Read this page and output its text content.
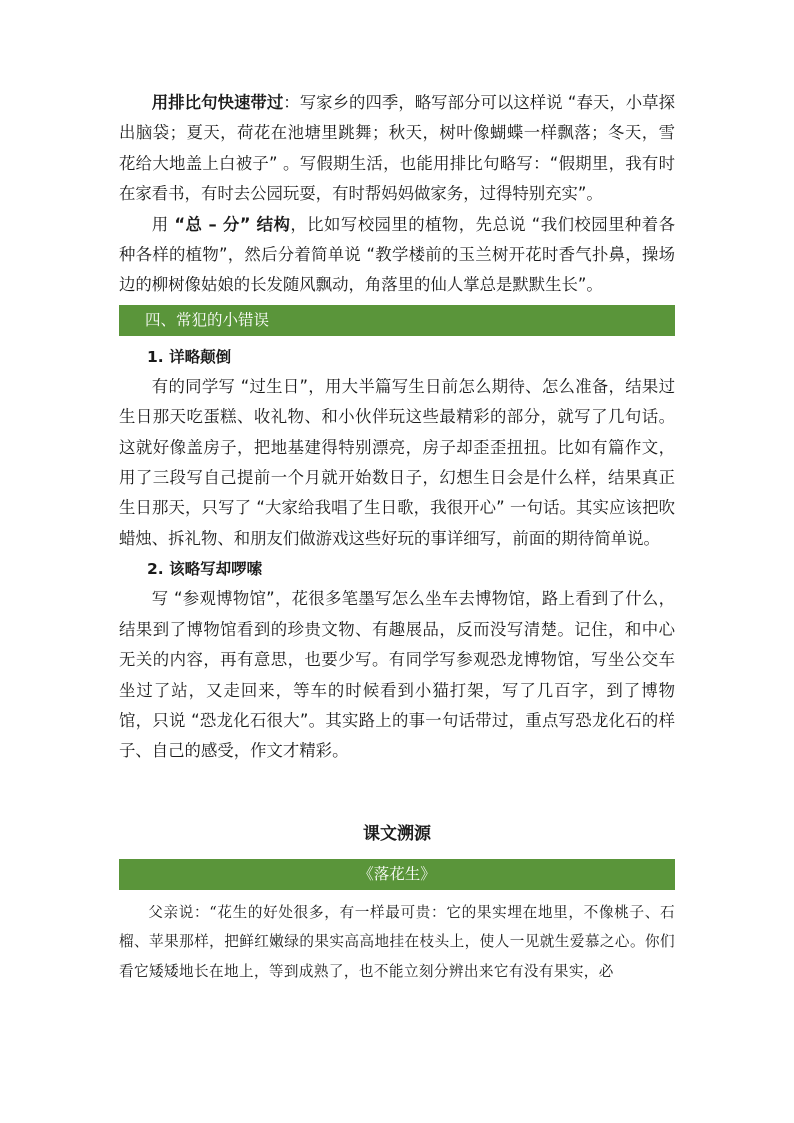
用排比句快速带过：写家乡的四季，略写部分可以这样说 “春天，小草探出脑袋；夏天，荷花在池塘里跳舞；秋天，树叶像蝴蝶一样飘落；冬天，雪花给大地盖上白被子” 。写假期生活，也能用排比句略写：“假期里，我有时在家看书，有时去公园玩耍，有时帮妈妈做家务，过得特别充实”。

用 “总 – 分” 结构，比如写校园里的植物，先总说 “我们校园里种着各种各样的植物”，然后分着简单说 “教学楼前的玉兰树开花时香气扑鼻，操场边的柳树像姑娘的长发随风飘动，角落里的仙人掌总是默默生长”。

四、常犯的小错误

1. 详略颠倒

有的同学写 “过生日”，用大半篇写生日前怎么期待、怎么准备，结果过生日那天吃蛋糕、收礼物、和小伙伴玩这些最精彩的部分，就写了几句话。这就好像盖房子，把地基建得特别漂亮，房子却歪歪扭扭。比如有篇作文，用了三段写自己提前一个月就开始数日子，幻想生日会是什么样，结果真正生日那天，只写了 “大家给我唱了生日歌，我很开心” 一句话。其实应该把吹蜡烛、拆礼物、和朋友们做游戏这些好玩的事详细写，前面的期待简单说。

2. 该略写却啰嗦

写 “参观博物馆”，花很多笔墨写怎么坐车去博物馆，路上看到了什么，结果到了博物馆看到的珍贵文物、有趣展品，反而没写清楚。记住，和中心无关的内容，再有意思，也要少写。有同学写参观恐龙博物馆，写坐公交车坐过了站，又走回来，等车的时候看到小猫打架，写了几百字，到了博物馆，只说 “恐龙化石很大”。其实路上的事一句话带过，重点写恐龙化石的样子、自己的感受，作文才精彩。

课文溯源

《落花生》

父亲说：“花生的好处很多，有一样最可贵：它的果实埋在地里，不像桃子、石榴、苹果那样，把鲜红嫩绿的果实高高地挂在枝头上，使人一见就生爱慕之心。你们看它矮矮地长在地上，等到成熟了，也不能立刻分辨出来它有没有果实，必
